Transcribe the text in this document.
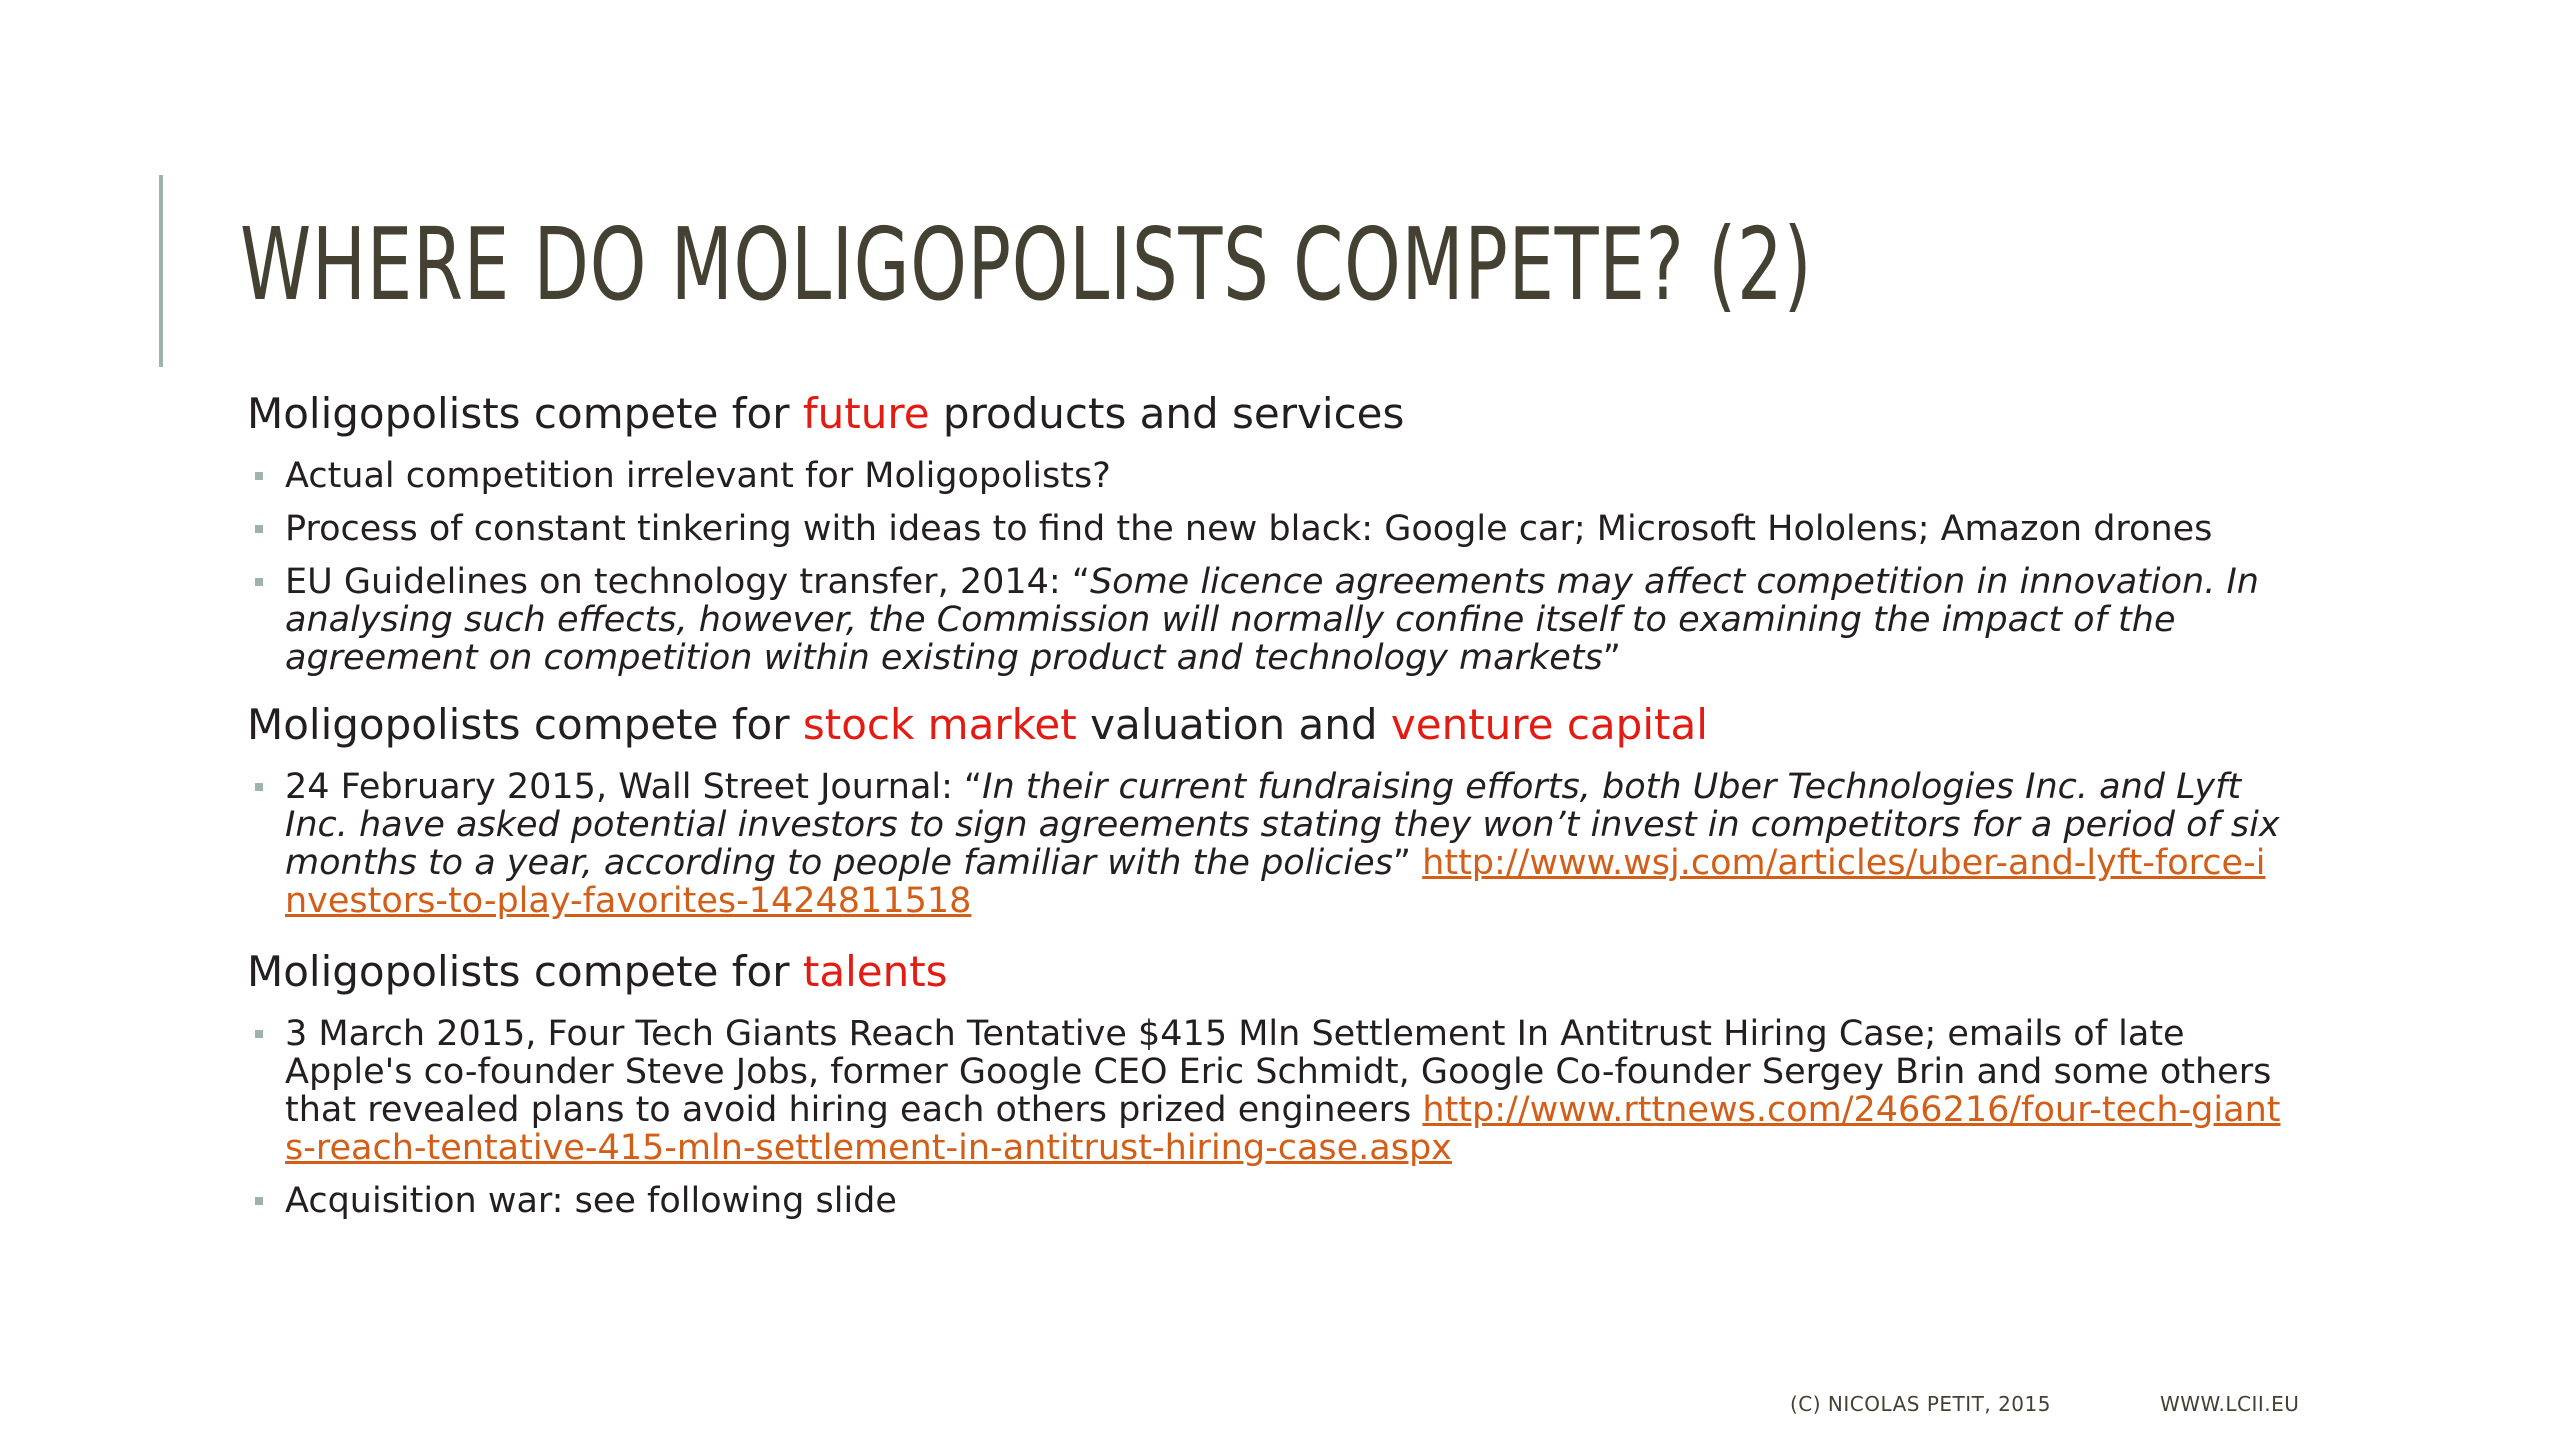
WHERE DO MOLIGOPOLISTS COMPETE? (2)

Moligopolists compete for future products and services

Actual competition irrelevant for Moligopolists?
Process of constant tinkering with ideas to find the new black: Google car; Microsoft Hololens; Amazon drones
EU Guidelines on technology transfer, 2014: “Some licence agreements may affect competition in innovation. In analysing such effects, however, the Commission will normally confine itself to examining the impact of the agreement on competition within existing product and technology markets”

Moligopolists compete for stock market valuation and venture capital

24 February 2015, Wall Street Journal: “In their current fundraising efforts, both Uber Technologies Inc. and Lyft Inc. have asked potential investors to sign agreements stating they won’t invest in competitors for a period of six months to a year, according to people familiar with the policies” http://www.wsj.com/articles/uber-and-lyft-force-investors-to-play-favorites-1424811518

Moligopolists compete for talents

3 March 2015, Four Tech Giants Reach Tentative $415 Mln Settlement In Antitrust Hiring Case; emails of late Apple's co-founder Steve Jobs, former Google CEO Eric Schmidt, Google Co-founder Sergey Brin and some others that revealed plans to avoid hiring each others prized engineers http://www.rttnews.com/2466216/four-tech-giants-reach-tentative-415-mln-settlement-in-antitrust-hiring-case.aspx
Acquisition war: see following slide
(C) NICOLAS PETIT, 2015	WWW.LCII.EU
